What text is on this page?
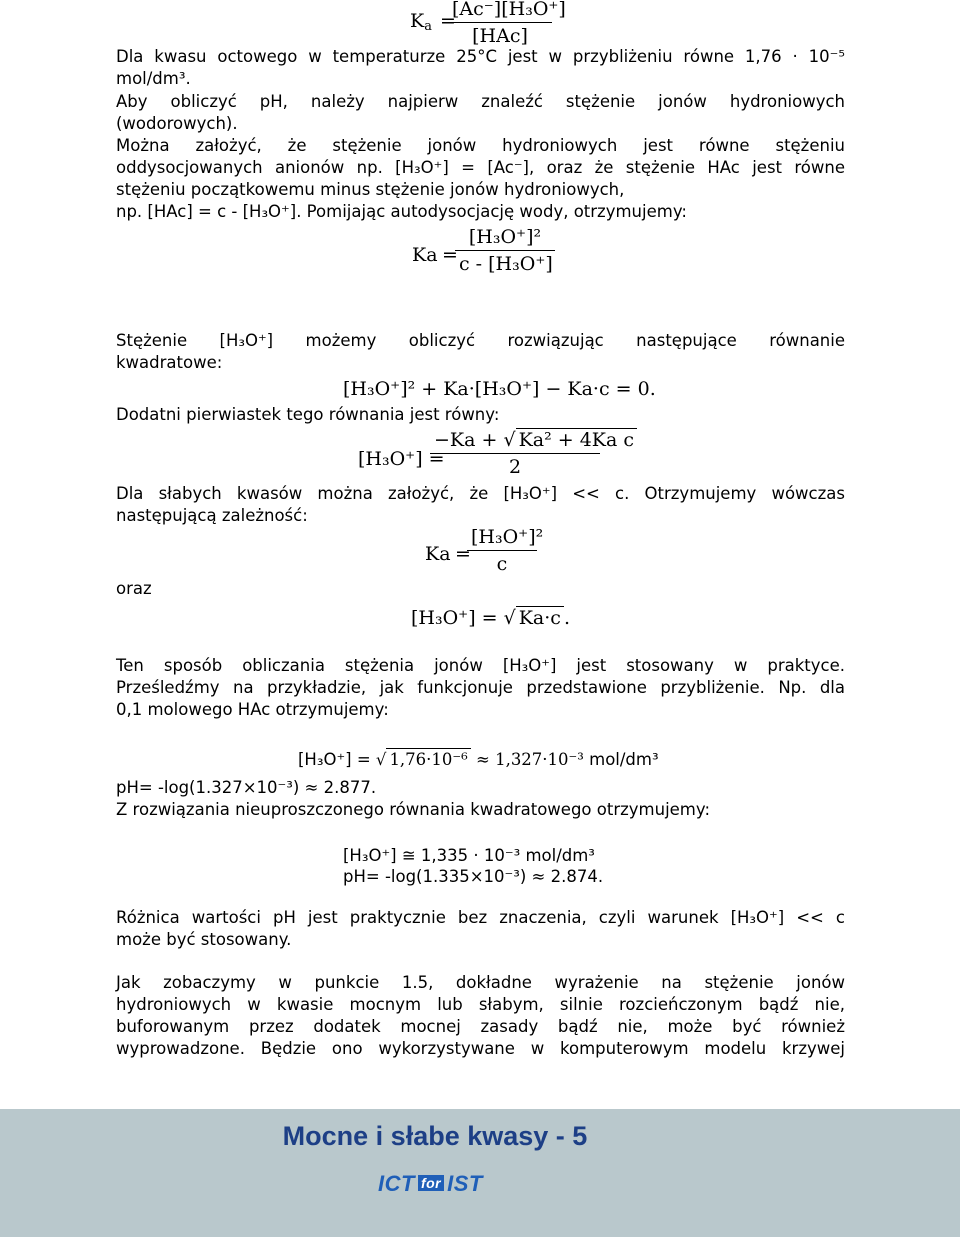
$K_a$ =
[Ac⁻][H₃O⁺]
[HAc]
Dla kwasu octowego w temperaturze 25°C jest w przybliżeniu równe 1,76 · 10⁻⁵
mol/dm³.
Aby obliczyć pH, należy najpierw znaleźć stężenie jonów hydroniowych
(wodorowych).
Można założyć, że stężenie jonów hydroniowych jest równe stężeniu
oddysocjowanych anionów np. [H₃O⁺] = [Ac⁻], oraz że stężenie HAc jest równe
stężeniu początkowemu minus stężenie jonów hydroniowych,
np. [HAc] = c - [H₃O⁺]. Pomijając autodysocjację wody, otrzymujemy:
Ka =
$\frac{\text{[H₃O⁺]²}}{\text{c - [H₃O⁺]}}$
Stężenie [H₃O⁺] możemy obliczyć rozwiązując następujące równanie
kwadratowe:
[H₃O⁺]² + Ka·[H₃O⁺] − Ka·c = 0.
Dodatni pierwiastek tego równania jest równy:
[H₃O⁺] =
$\frac{\text{−Ka + √ Ka² + 4Ka c}}{2}$
Dla słabych kwasów można założyć, że [H₃O⁺] << c. Otrzymujemy wówczas
następującą zależność:
Ka =
$\frac{\text{[H₃O⁺]²}}{c}$
oraz
[H₃O⁺] = √ Ka·c .
Ten sposób obliczania stężenia jonów [H₃O⁺] jest stosowany w praktyce.
Prześledźmy na przykładzie, jak funkcjonuje przedstawione przybliżenie. Np. dla
0,1 molowego HAc otrzymujemy:
[H₃O⁺] = √ 1,76·10⁻⁶ ≈ 1,327·10⁻³ mol/dm³
pH= -log(1.327×10⁻³) ≈ 2.877.
Z rozwiązania nieuproszczonego równania kwadratowego otrzymujemy:
[H₃O⁺] ≅ 1,335 · 10⁻³ mol/dm³
pH= -log(1.335×10⁻³) ≈ 2.874.
Różnica wartości pH jest praktycznie bez znaczenia, czyli warunek [H₃O⁺] << c
może być stosowany.
Jak zobaczymy w punkcie 1.5, dokładne wyrażenie na stężenie jonów
hydroniowych w kwasie mocnym lub słabym, silnie rozcieńczonym bądź nie,
buforowanym przez dodatek mocnej zasady bądź nie, może być również
wyprowadzone. Będzie ono wykorzystywane w komputerowym modelu krzywej
Mocne i słabe kwasy - 5
ICT for IST
